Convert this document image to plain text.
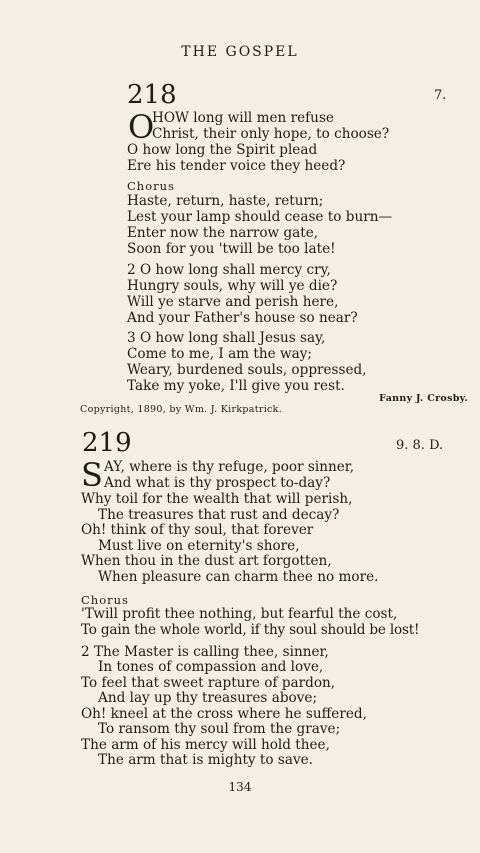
THE GOSPEL
218	7.
O
HOW long will men refuse
Christ, their only hope, to choose?
O how long the Spirit plead
Ere his tender voice they heed?
Chorus
Haste, return, haste, return;
Lest your lamp should cease to burn—
Enter now the narrow gate,
Soon for you 'twill be too late!
2 O how long shall mercy cry,
Hungry souls, why will ye die?
Will ye starve and perish here,
And your Father's house so near?
3 O how long shall Jesus say,
Come to me, I am the way;
Weary, burdened souls, oppressed,
Take my yoke, I'll give you rest.
Fanny J. Crosby.
Copyright, 1890, by Wm. J. Kirkpatrick.
219	9. 8. D.
S AY, where is thy refuge, poor sinner,
And what is thy prospect to-day?
Why toil for the wealth that will perish,
The treasures that rust and decay?
Oh! think of thy soul, that forever
Must live on eternity's shore,
When thou in the dust art forgotten,
When pleasure can charm thee no more.
Chorus
'Twill profit thee nothing, but fearful the cost,
To gain the whole world, if thy soul should be lost!
2 The Master is calling thee, sinner,
In tones of compassion and love,
To feel that sweet rapture of pardon,
And lay up thy treasures above;
Oh! kneel at the cross where he suffered,
To ransom thy soul from the grave;
The arm of his mercy will hold thee,
The arm that is mighty to save.
134
